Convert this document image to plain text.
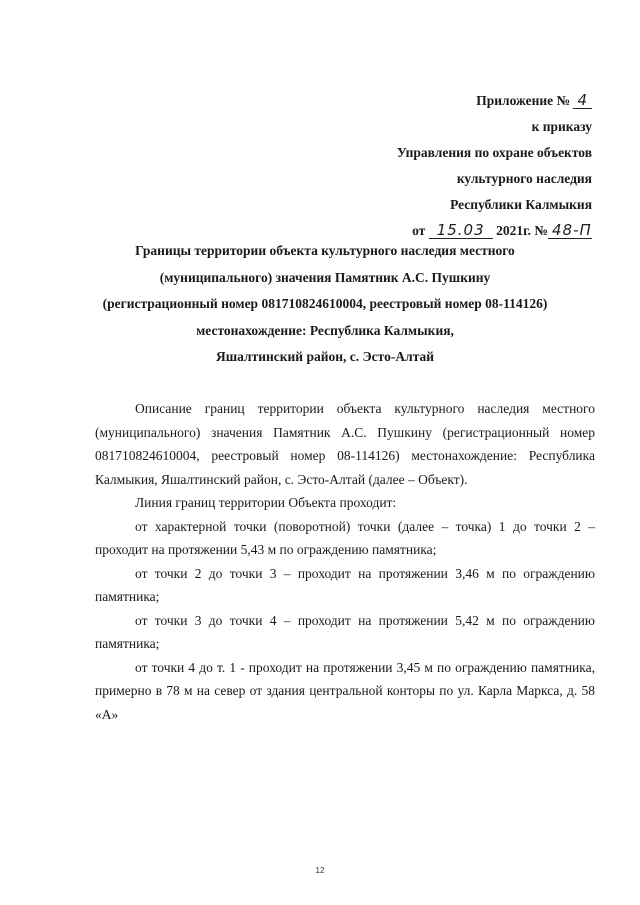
Приложение № 4
к приказу
Управления по охране объектов
культурного наследия
Республики Калмыкия
от 15.03 2021г. № 48-П
Границы территории объекта культурного наследия местного
(муниципального) значения Памятник А.С. Пушкину
(регистрационный номер 081710824610004, реестровый номер 08-114126)
местонахождение: Республика Калмыкия,
Яшалтинский район, с. Эсто-Алтай

Описание границ территории объекта культурного наследия местного (муниципального) значения Памятник А.С. Пушкину (регистрационный номер 081710824610004, реестровый номер 08-114126) местонахождение: Республика Калмыкия, Яшалтинский район, с. Эсто-Алтай (далее – Объект).

Линия границ территории Объекта проходит:

от характерной точки (поворотной) точки (далее – точка) 1 до точки 2 – проходит на протяжении 5,43 м по ограждению памятника;

от точки 2 до точки 3 – проходит на протяжении 3,46 м по ограждению памятника;

от точки 3 до точки 4 – проходит на протяжении 5,42 м по ограждению памятника;

от точки 4 до т. 1 - проходит на протяжении 3,45 м по ограждению памятника, примерно в 78 м на север от здания центральной конторы по ул. Карла Маркса, д. 58 «А»

12
